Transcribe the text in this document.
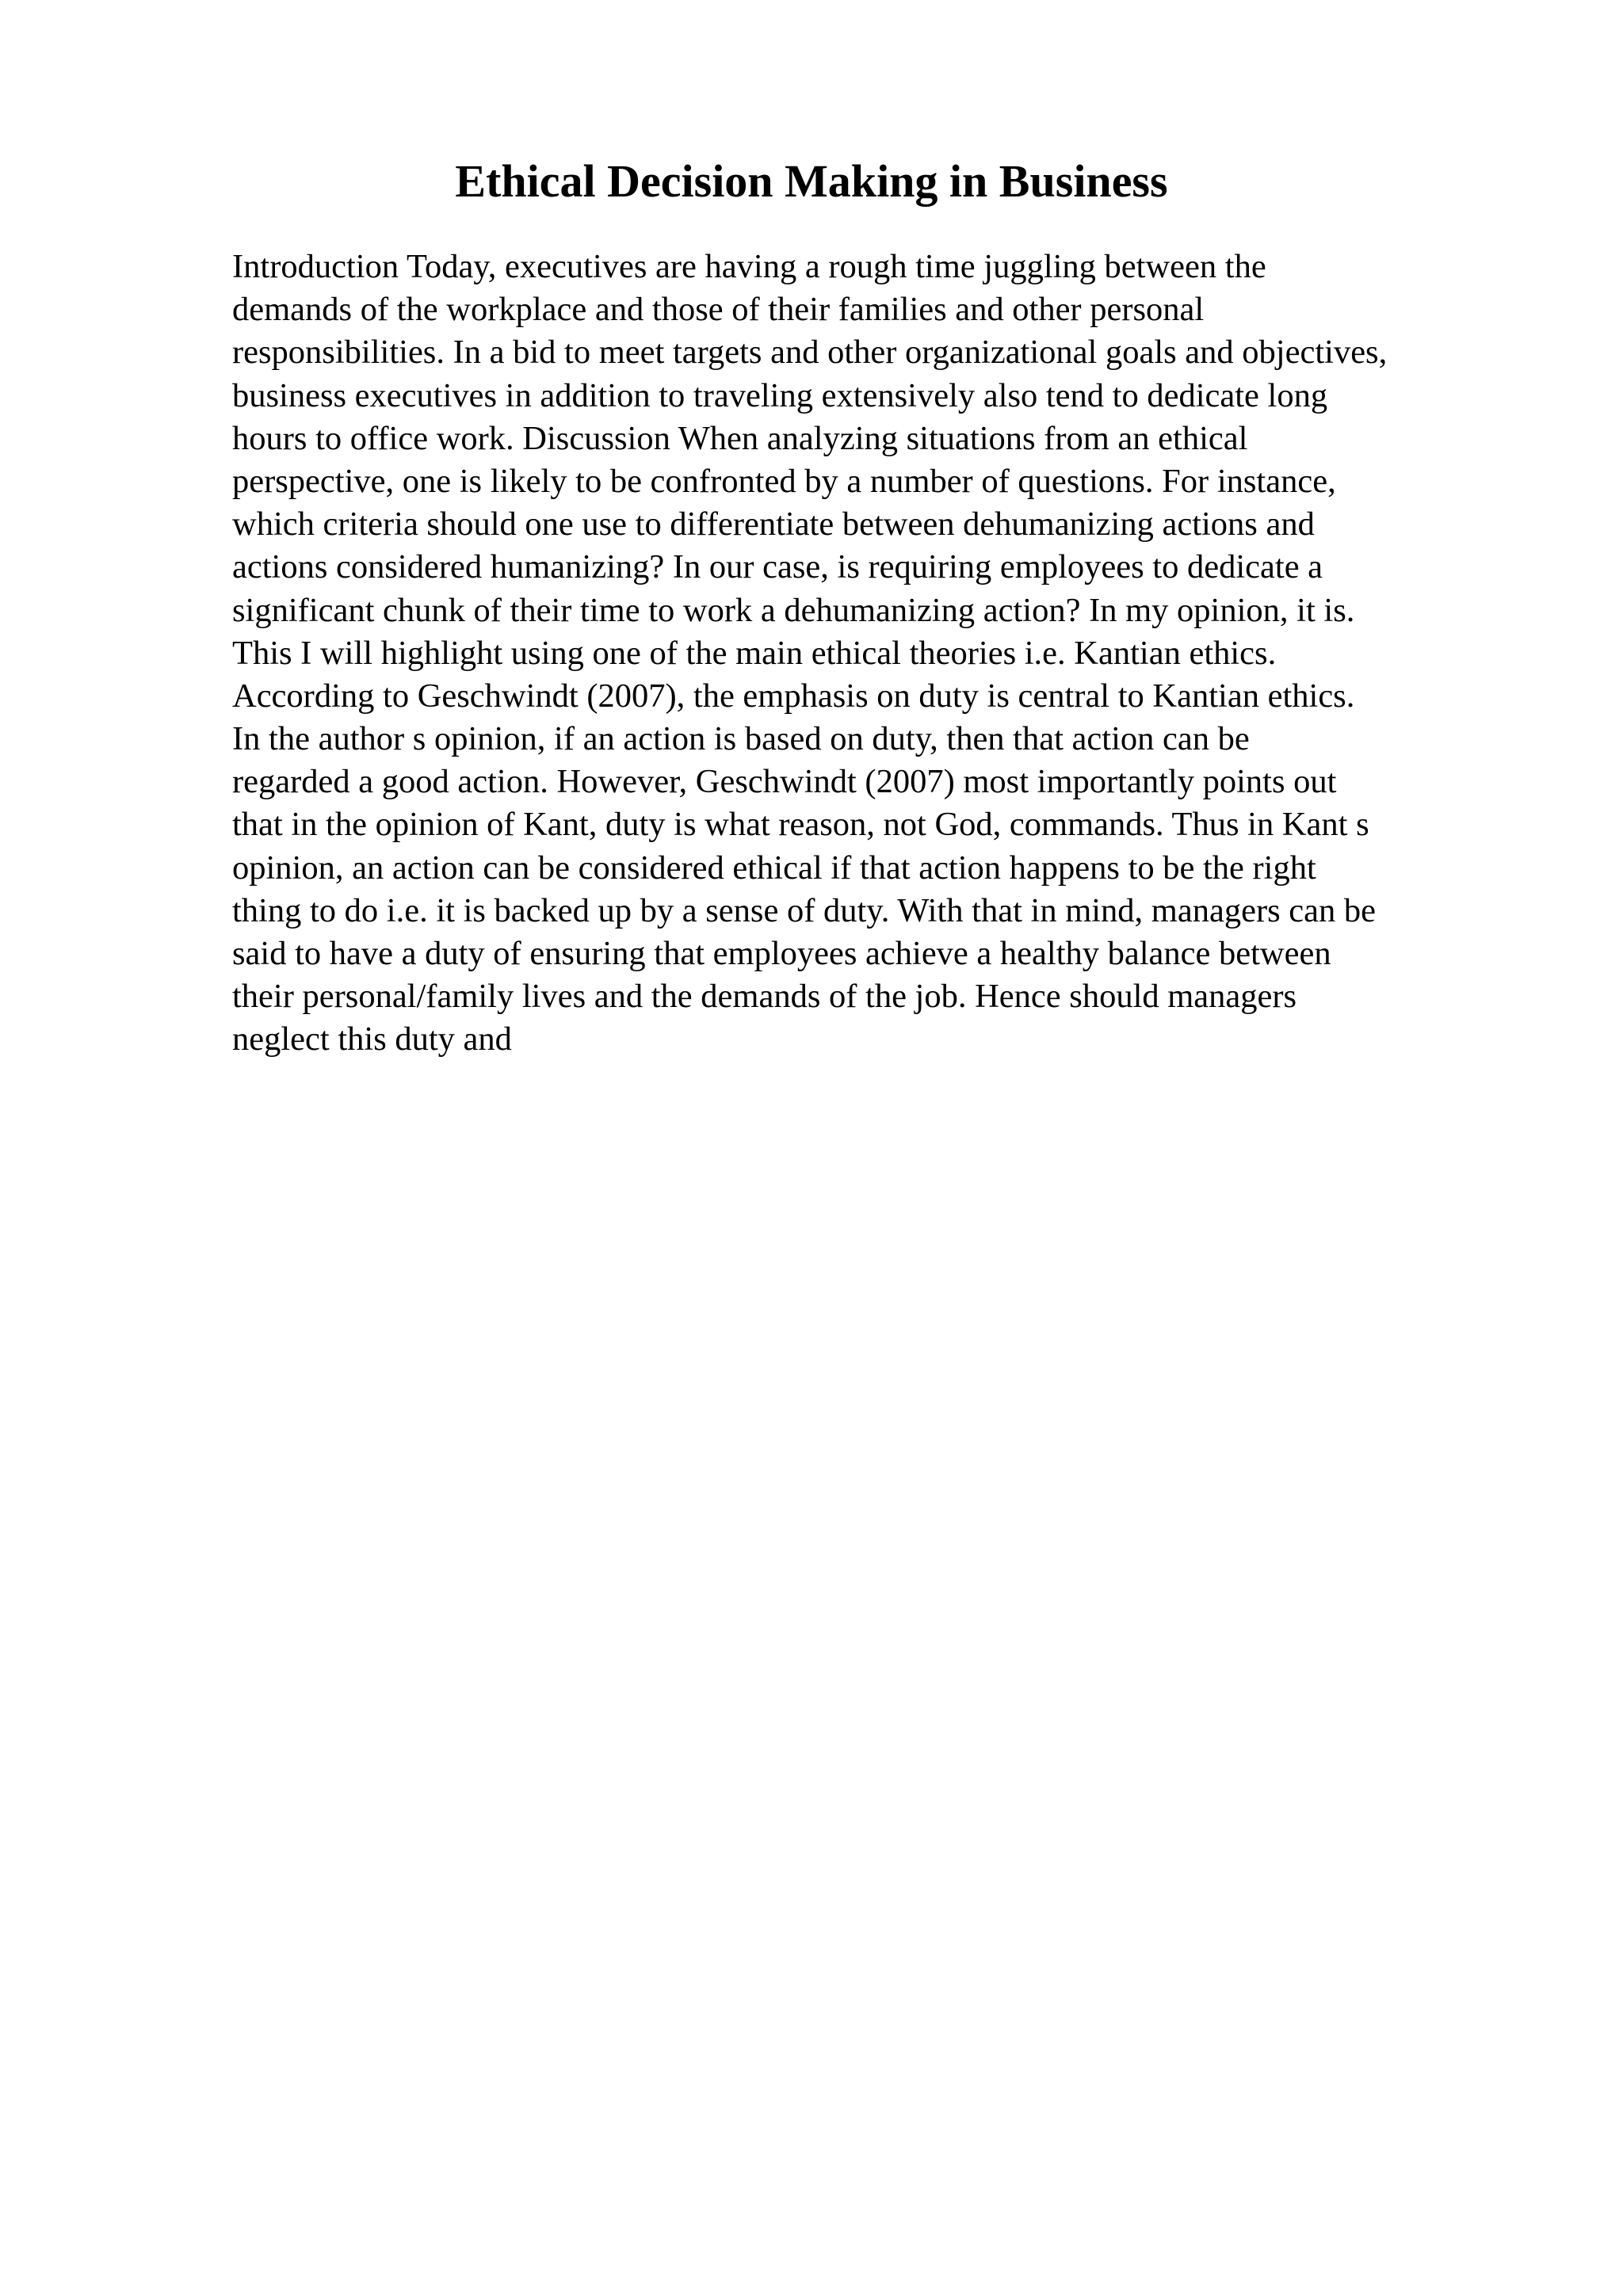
Ethical Decision Making in Business
Introduction Today, executives are having a rough time juggling between the
demands of the workplace and those of their families and other personal
responsibilities. In a bid to meet targets and other organizational goals and objectives,
business executives in addition to traveling extensively also tend to dedicate long
hours to office work. Discussion When analyzing situations from an ethical
perspective, one is likely to be confronted by a number of questions. For instance,
which criteria should one use to differentiate between dehumanizing actions and
actions considered humanizing? In our case, is requiring employees to dedicate a
significant chunk of their time to work a dehumanizing action? In my opinion, it is.
This I will highlight using one of the main ethical theories i.e. Kantian ethics.
According to Geschwindt (2007), the emphasis on duty is central to Kantian ethics.
In the author s opinion, if an action is based on duty, then that action can be
regarded a good action. However, Geschwindt (2007) most importantly points out
that in the opinion of Kant, duty is what reason, not God, commands. Thus in Kant s
opinion, an action can be considered ethical if that action happens to be the right
thing to do i.e. it is backed up by a sense of duty. With that in mind, managers can be
said to have a duty of ensuring that employees achieve a healthy balance between
their personal/family lives and the demands of the job. Hence should managers
neglect this duty and
